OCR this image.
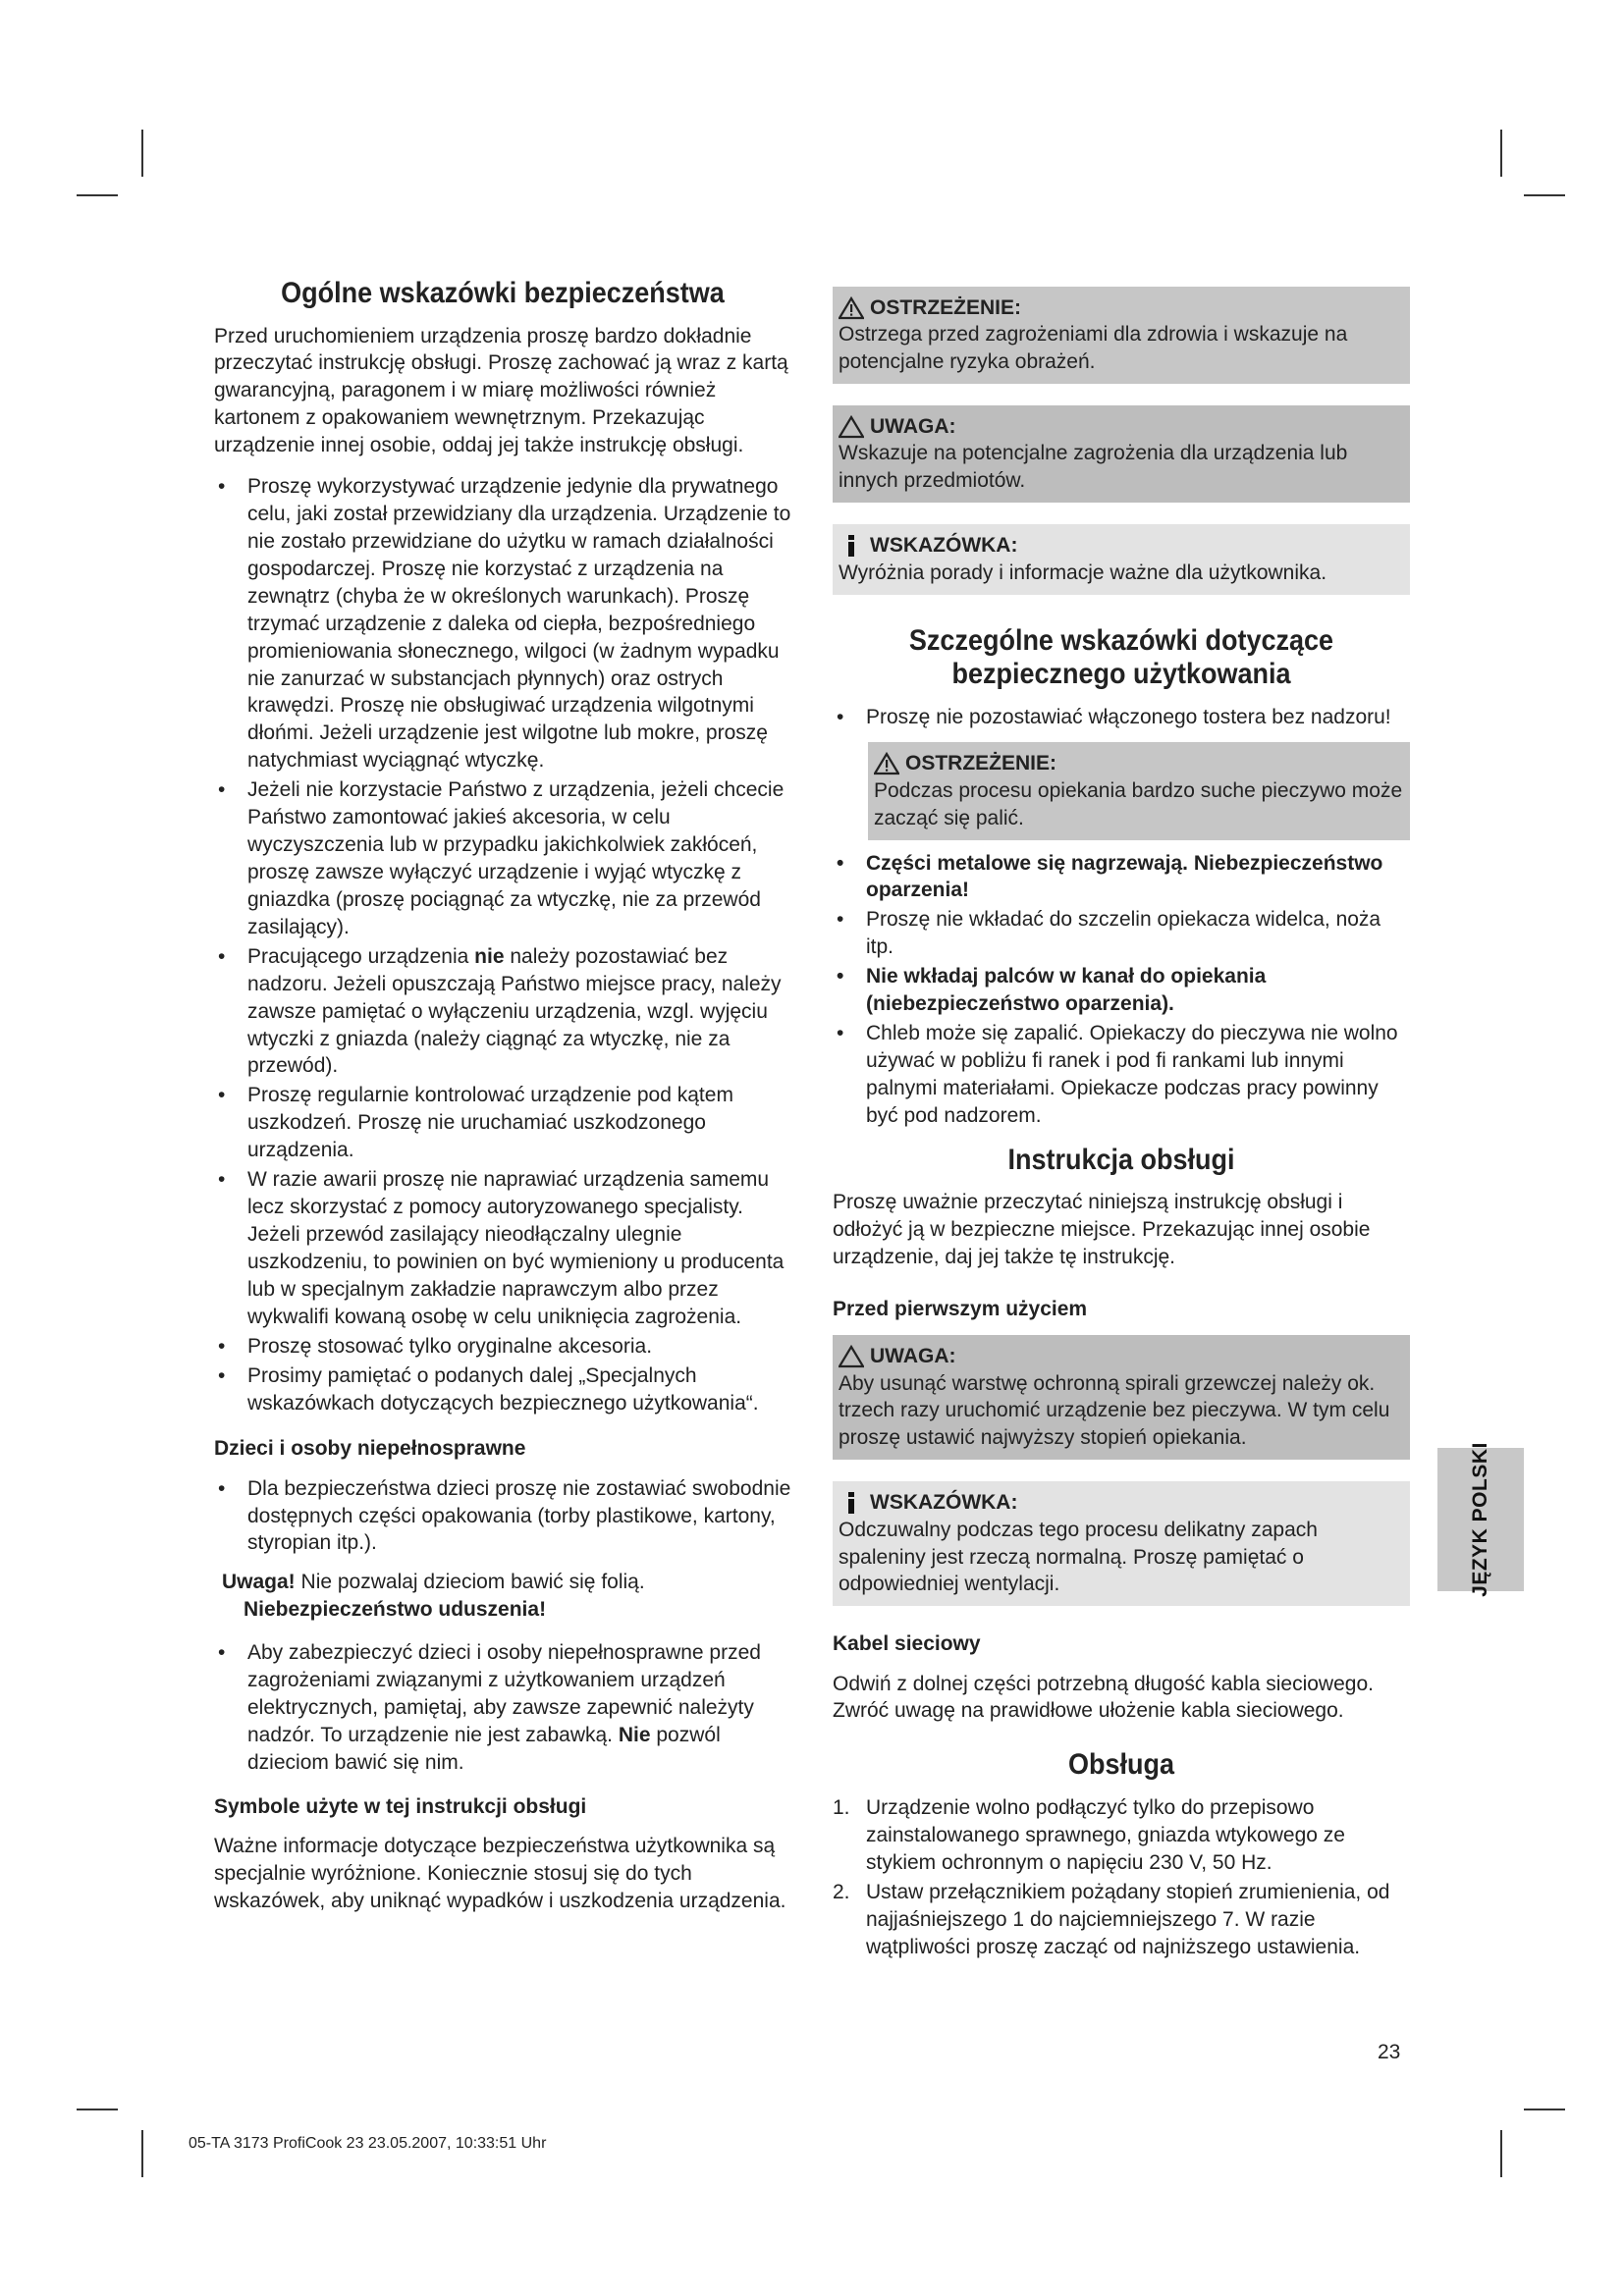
Ogólne wskazówki bezpieczeństwa

Przed uruchomieniem urządzenia proszę bardzo dokładnie przeczytać instrukcję obsługi. Proszę zachować ją wraz z kartą gwarancyjną, paragonem i w miarę możliwości również kartonem z opakowaniem wewnętrznym. Przekazując urządzenie innej osobie, oddaj jej także instrukcję obsługi.

• Proszę wykorzystywać urządzenie jedynie dla prywatnego celu, jaki został przewidziany dla urządzenia. Urządzenie to nie zostało przewidziane do użytku w ramach działalności gospodarczej. Proszę nie korzystać z urządzenia na zewnątrz (chyba że w określonych warunkach). Proszę trzymać urządzenie z daleka od ciepła, bezpośredniego promieniowania słonecznego, wilgoci (w żadnym wypadku nie zanurzać w substancjach płynnych) oraz ostrych krawędzi. Proszę nie obsługiwać urządzenia wilgotnymi dłońmi. Jeżeli urządzenie jest wilgotne lub mokre, proszę natychmiast wyciągnąć wtyczkę.
• Jeżeli nie korzystacie Państwo z urządzenia, jeżeli chcecie Państwo zamontować jakieś akcesoria, w celu wyczyszczenia lub w przypadku jakichkolwiek zakłóceń, proszę zawsze wyłączyć urządzenie i wyjąć wtyczkę z gniazdka (proszę pociągnąć za wtyczkę, nie za przewód zasilający).
• Pracującego urządzenia nie należy pozostawiać bez nadzoru. Jeżeli opuszczają Państwo miejsce pracy, należy zawsze pamiętać o wyłączeniu urządzenia, wzgl. wyjęciu wtyczki z gniazda (należy ciągnąć za wtyczkę, nie za przewód).
• Proszę regularnie kontrolować urządzenie pod kątem uszkodzeń. Proszę nie uruchamiać uszkodzonego urządzenia.
• W razie awarii proszę nie naprawiać urządzenia samemu lecz skorzystać z pomocy autoryzowanego specjalisty. Jeżeli przewód zasilający nieodłączalny ulegnie uszkodzeniu, to powinien on być wymieniony u producenta lub w specjalnym zakładzie naprawczym albo przez wykwalifi kowaną osobę w celu uniknięcia zagrożenia.
• Proszę stosować tylko oryginalne akcesoria.
• Prosimy pamiętać o podanych dalej „Specjalnych wskazówkach dotyczących bezpiecznego użytkowania“.
Dzieci i osoby niepełnosprawne
• Dla bezpieczeństwa dzieci proszę nie zostawiać swobodnie dostępnych części opakowania (torby plastikowe, kartony, styropian itp.).
Uwaga! Nie pozwalaj dzieciom bawić się folią.
Niebezpieczeństwo uduszenia!
• Aby zabezpieczyć dzieci i osoby niepełnosprawne przed zagrożeniami związanymi z użytkowaniem urządzeń elektrycznych, pamiętaj, aby zawsze zapewnić należyty nadzór. To urządzenie nie jest zabawką. Nie pozwól dzieciom bawić się nim.
Symbole użyte w tej instrukcji obsługi

Ważne informacje dotyczące bezpieczeństwa użytkownika są specjalnie wyróżnione. Koniecznie stosuj się do tych wskazówek, aby uniknąć wypadków i uszkodzenia urządzenia.

OSTRZEŻENIE:
Ostrzega przed zagrożeniami dla zdrowia i wskazuje na potencjalne ryzyka obrażeń.
UWAGA:
Wskazuje na potencjalne zagrożenia dla urządzenia lub innych przedmiotów.
WSKAZÓWKA:
Wyróżnia porady i informacje ważne dla użytkownika.
Szczególne wskazówki dotyczące
bezpiecznego użytkowania
• Proszę nie pozostawiać włączonego tostera bez nadzoru!
OSTRZEŻENIE:
Podczas procesu opiekania bardzo suche pieczywo może zacząć się palić.
• Części metalowe się nagrzewają. Niebezpieczeństwo oparzenia!
• Proszę nie wkładać do szczelin opiekacza widelca, noża itp.
• Nie wkładaj palców w kanał do opiekania (niebezpieczeństwo oparzenia).
• Chleb może się zapalić. Opiekaczy do pieczywa nie wolno używać w pobliżu fi ranek i pod fi rankami lub innymi palnymi materiałami. Opiekacze podczas pracy powinny być pod nadzorem.
Instrukcja obsługi

Proszę uważnie przeczytać niniejszą instrukcję obsługi i odłożyć ją w bezpieczne miejsce. Przekazując innej osobie urządzenie, daj jej także tę instrukcję.

Przed pierwszym użyciem
UWAGA:
Aby usunąć warstwę ochronną spirali grzewczej należy ok. trzech razy uruchomić urządzenie bez pieczywa. W tym celu proszę ustawić najwyższy stopień opiekania.
WSKAZÓWKA:
Odczuwalny podczas tego procesu delikatny zapach spaleniny jest rzeczą normalną. Proszę pamiętać o odpowiedniej wentylacji.
Kabel sieciowy

Odwiń z dolnej części potrzebną długość kabla sieciowego. Zwróć uwagę na prawidłowe ułożenie kabla sieciowego.

Obsługa
1. Urządzenie wolno podłączyć tylko do przepisowo zainstalowanego sprawnego, gniazda wtykowego ze stykiem ochronnym o napięciu 230 V, 50 Hz.
2. Ustaw przełącznikiem pożądany stopień zrumienienia, od najjaśniejszego 1 do najciemniejszego 7. W razie wątpliwości proszę zacząć od najniższego ustawienia.
JĘZYK POLSKI
23
05-TA 3173 ProfiCook 23 23.05.2007, 10:33:51 Uhr
